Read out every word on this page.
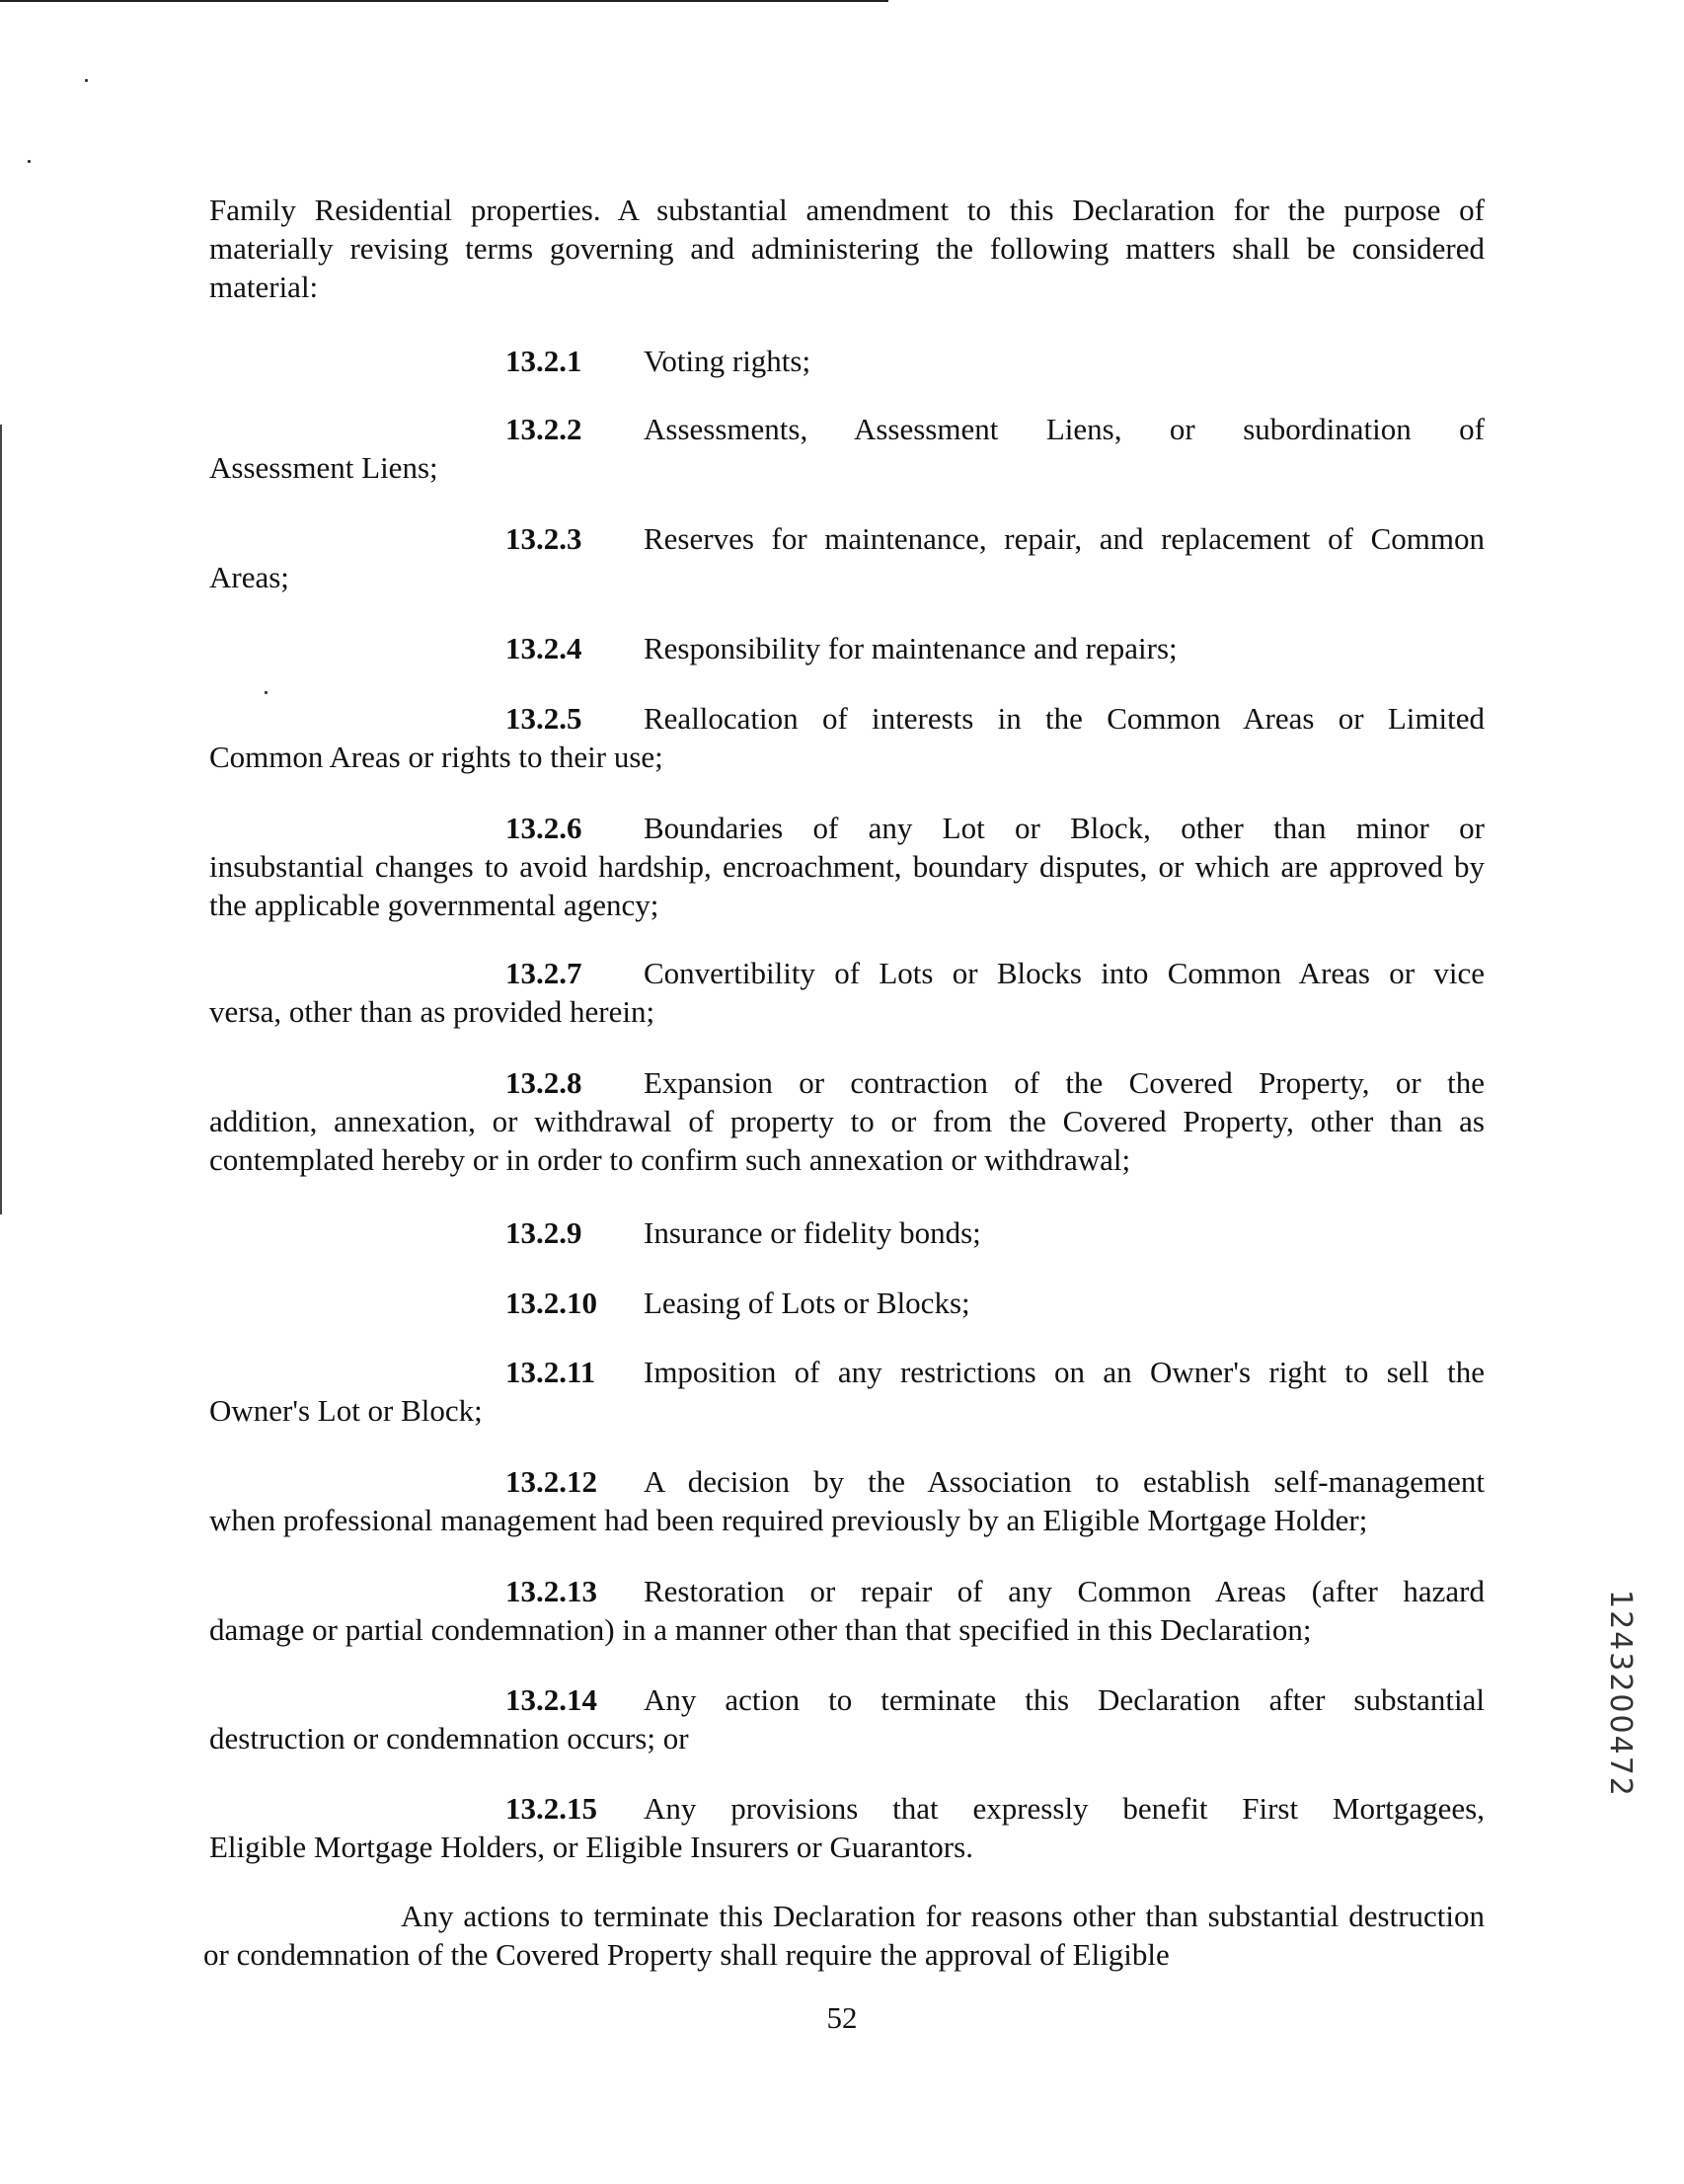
Family Residential properties. A substantial amendment to this Declaration for the purpose of materially revising terms governing and administering the following matters shall be considered material:
13.2.1	Voting rights;
13.2.2	Assessments, Assessment Liens, or subordination of
Assessment Liens;
13.2.3	Reserves for maintenance, repair, and replacement of Common
Areas;
13.2.4	Responsibility for maintenance and repairs;
13.2.5	Reallocation of interests in the Common Areas or Limited
Common Areas or rights to their use;
13.2.6	Boundaries of any Lot or Block, other than minor or
insubstantial changes to avoid hardship, encroachment, boundary disputes, or which are approved by the applicable governmental agency;
13.2.7	Convertibility of Lots or Blocks into Common Areas or vice
versa, other than as provided herein;
13.2.8	Expansion or contraction of the Covered Property, or the
addition, annexation, or withdrawal of property to or from the Covered Property, other than as contemplated hereby or in order to confirm such annexation or withdrawal;
13.2.9	Insurance or fidelity bonds;
13.2.10	Leasing of Lots or Blocks;
13.2.11	Imposition of any restrictions on an Owner's right to sell the
Owner's Lot or Block;
13.2.12	A decision by the Association to establish self-management
when professional management had been required previously by an Eligible Mortgage Holder;
13.2.13	Restoration or repair of any Common Areas (after hazard
damage or partial condemnation) in a manner other than that specified in this Declaration;
13.2.14	Any action to terminate this Declaration after substantial
destruction or condemnation occurs; or
13.2.15	Any provisions that expressly benefit First Mortgagees,
Eligible Mortgage Holders, or Eligible Insurers or Guarantors.
Any actions to terminate this Declaration for reasons other than substantial destruction or condemnation of the Covered Property shall require the approval of Eligible
52
1243200472
